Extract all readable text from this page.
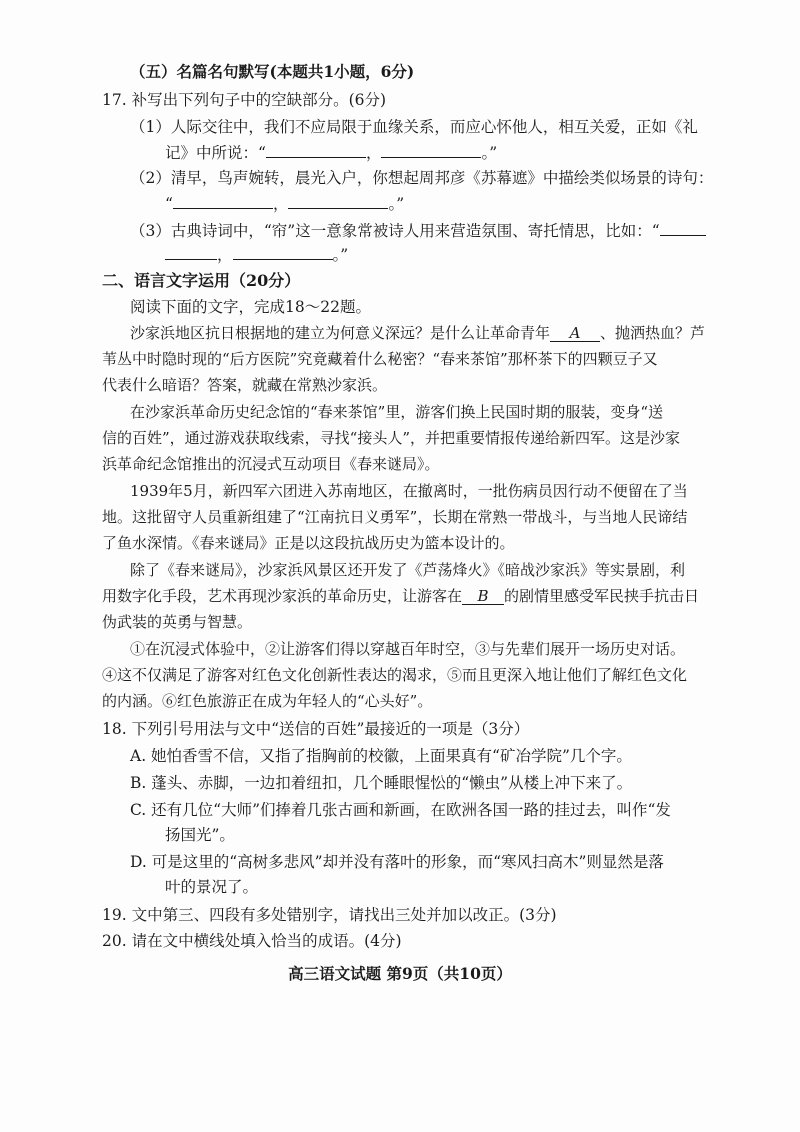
（五）名篇名句默写(本题共1小题，6分)
17. 补写出下列句子中的空缺部分。(6分)
（1）人际交往中，我们不应局限于血缘关系，而应心怀他人，相互关爱，正如《礼
记》中所说：“	，	。”
（2）清早，鸟声婉转，晨光入户，你想起周邦彦《苏幕遮》中描绘类似场景的诗句：
“	，	。”
（3）古典诗词中，“帘”这一意象常被诗人用来营造氛围、寄托情思，比如：“
，	。”
二、语言文字运用（20分）
阅读下面的文字，完成18～22题。
沙家浜地区抗日根据地的建立为何意义深远？是什么让革命青年 A 、抛洒热血？芦
苇丛中时隐时现的“后方医院”究竟藏着什么秘密？“春来茶馆”那杯茶下的四颗豆子又
代表什么暗语？答案，就藏在常熟沙家浜。
在沙家浜革命历史纪念馆的“春来茶馆”里，游客们换上民国时期的服装，变身“送
信的百姓”，通过游戏获取线索，寻找“接头人”，并把重要情报传递给新四军。这是沙家
浜革命纪念馆推出的沉浸式互动项目《春来谜局》。
1939年5月，新四军六团进入苏南地区，在撤离时，一批伤病员因行动不便留在了当
地。这批留守人员重新组建了“江南抗日义勇军”，长期在常熟一带战斗，与当地人民谛结
了鱼水深情。《春来谜局》正是以这段抗战历史为篮本设计的。
除了《春来谜局》，沙家浜风景区还开发了《芦荡烽火》《暗战沙家浜》等实景剧，利
用数字化手段，艺术再现沙家浜的革命历史，让游客在 B 的剧情里感受军民挟手抗击日
伪武装的英勇与智慧。
①在沉浸式体验中，②让游客们得以穿越百年时空，③与先辈们展开一场历史对话。
④这不仅满足了游客对红色文化创新性表达的渴求，⑤而且更深入地让他们了解红色文化
的内涵。⑥红色旅游正在成为年轻人的“心头好”。
18. 下列引号用法与文中“送信的百姓”最接近的一项是（3分）
A. 她怕香雪不信，又指了指胸前的校徽，上面果真有“矿冶学院”几个字。
B. 蓬头、赤脚，一边扣着纽扣，几个睡眼惺忪的“懒虫”从楼上冲下来了。
C. 还有几位“大师”们捧着几张古画和新画，在欧洲各国一路的挂过去，叫作“发
扬国光”。
D. 可是这里的“高树多悲风”却并没有落叶的形象，而“寒风扫高木”则显然是落
叶的景况了。
19. 文中第三、四段有多处错别字，请找出三处并加以改正。(3分)
20. 请在文中横线处填入恰当的成语。(4分)
高三语文试题 第9页（共10页）
